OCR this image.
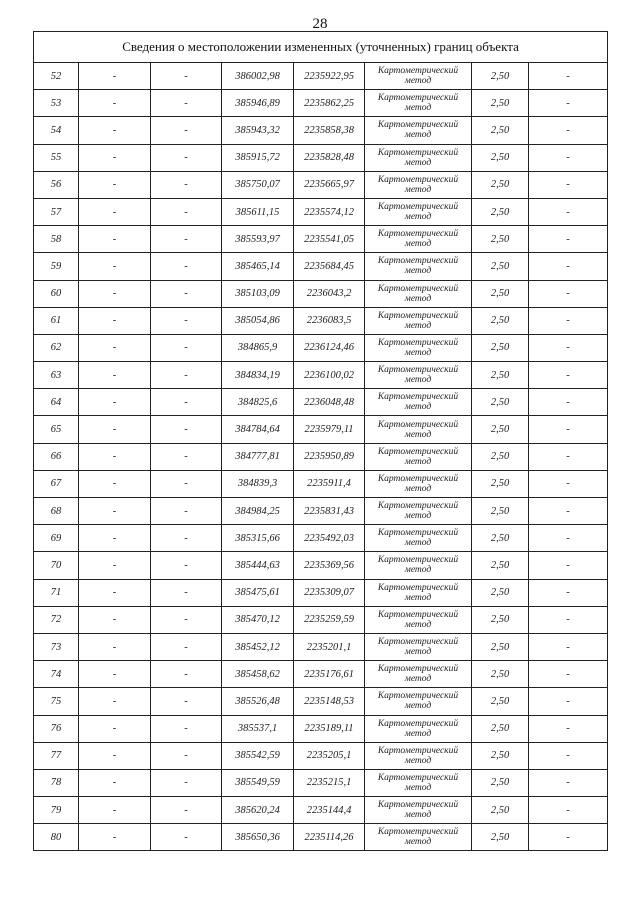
28
Сведения о местоположении измененных (уточненных) границ объекта							
52	-	-	386002,98	2235922,95	Картометрический метод	2,50	-
53	-	-	385946,89	2235862,25	Картометрический метод	2,50	-
54	-	-	385943,32	2235858,38	Картометрический метод	2,50	-
55	-	-	385915,72	2235828,48	Картометрический метод	2,50	-
56	-	-	385750,07	2235665,97	Картометрический метод	2,50	-
57	-	-	385611,15	2235574,12	Картометрический метод	2,50	-
58	-	-	385593,97	2235541,05	Картометрический метод	2,50	-
59	-	-	385465,14	2235684,45	Картометрический метод	2,50	-
60	-	-	385103,09	2236043,2	Картометрический метод	2,50	-
61	-	-	385054,86	2236083,5	Картометрический метод	2,50	-
62	-	-	384865,9	2236124,46	Картометрический метод	2,50	-
63	-	-	384834,19	2236100,02	Картометрический метод	2,50	-
64	-	-	384825,6	2236048,48	Картометрический метод	2,50	-
65	-	-	384784,64	2235979,11	Картометрический метод	2,50	-
66	-	-	384777,81	2235950,89	Картометрический метод	2,50	-
67	-	-	384839,3	2235911,4	Картометрический метод	2,50	-
68	-	-	384984,25	2235831,43	Картометрический метод	2,50	-
69	-	-	385315,66	2235492,03	Картометрический метод	2,50	-
70	-	-	385444,63	2235369,56	Картометрический метод	2,50	-
71	-	-	385475,61	2235309,07	Картометрический метод	2,50	-
72	-	-	385470,12	2235259,59	Картометрический метод	2,50	-
73	-	-	385452,12	2235201,1	Картометрический метод	2,50	-
74	-	-	385458,62	2235176,61	Картометрический метод	2,50	-
75	-	-	385526,48	2235148,53	Картометрический метод	2,50	-
76	-	-	385537,1	2235189,11	Картометрический метод	2,50	-
77	-	-	385542,59	2235205,1	Картометрический метод	2,50	-
78	-	-	385549,59	2235215,1	Картометрический метод	2,50	-
79	-	-	385620,24	2235144,4	Картометрический метод	2,50	-
80	-	-	385650,36	2235114,26	Картометрический метод	2,50	-
